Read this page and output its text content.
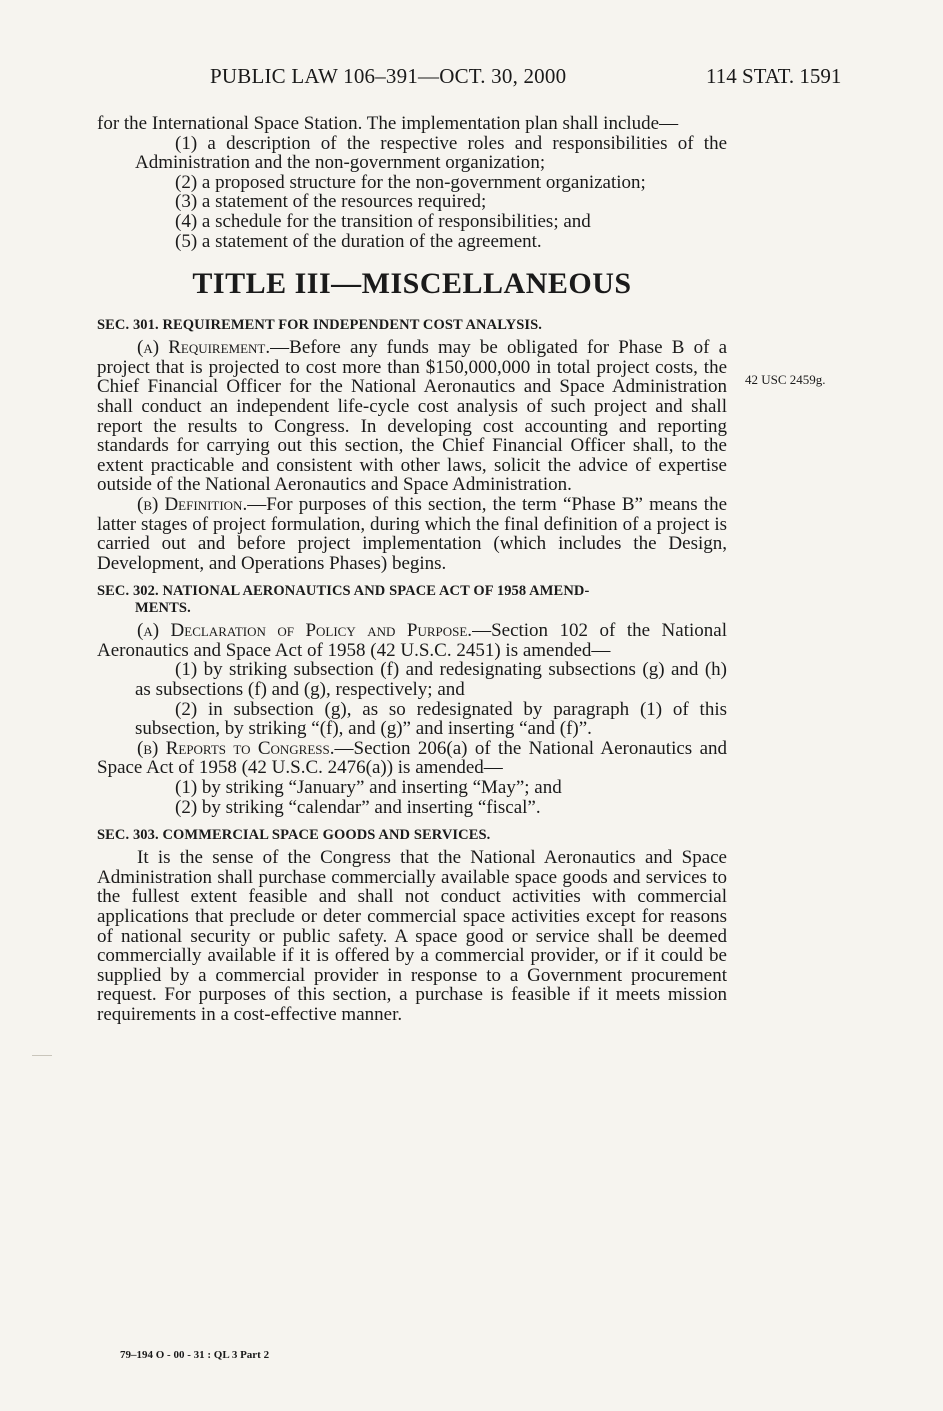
PUBLIC LAW 106–391—OCT. 30, 2000	114 STAT. 1591
42 USC 2459g.

for the International Space Station. The implementation plan shall include—

(1) a description of the respective roles and responsibilities of the Administration and the non-government organization;

(2) a proposed structure for the non-government organization;

(3) a statement of the resources required;

(4) a schedule for the transition of responsibilities; and

(5) a statement of the duration of the agreement.

TITLE III—MISCELLANEOUS
SEC. 301. REQUIREMENT FOR INDEPENDENT COST ANALYSIS.

(a) Requirement.—Before any funds may be obligated for Phase B of a project that is projected to cost more than $150,000,000 in total project costs, the Chief Financial Officer for the National Aeronautics and Space Administration shall conduct an independent life-cycle cost analysis of such project and shall report the results to Congress. In developing cost accounting and reporting standards for carrying out this section, the Chief Financial Officer shall, to the extent practicable and consistent with other laws, solicit the advice of expertise outside of the National Aeronautics and Space Administration.

(b) Definition.—For purposes of this section, the term “Phase B” means the latter stages of project formulation, during which the final definition of a project is carried out and before project implementation (which includes the Design, Development, and Operations Phases) begins.

SEC. 302. NATIONAL AERONAUTICS AND SPACE ACT OF 1958 AMEND-
MENTS.

(a) Declaration of Policy and Purpose.—Section 102 of the National Aeronautics and Space Act of 1958 (42 U.S.C. 2451) is amended—

(1) by striking subsection (f) and redesignating subsections (g) and (h) as subsections (f) and (g), respectively; and

(2) in subsection (g), as so redesignated by paragraph (1) of this subsection, by striking “(f), and (g)” and inserting “and (f)”.

(b) Reports to Congress.—Section 206(a) of the National Aeronautics and Space Act of 1958 (42 U.S.C. 2476(a)) is amended—

(1) by striking “January” and inserting “May”; and

(2) by striking “calendar” and inserting “fiscal”.

SEC. 303. COMMERCIAL SPACE GOODS AND SERVICES.

It is the sense of the Congress that the National Aeronautics and Space Administration shall purchase commercially available space goods and services to the fullest extent feasible and shall not conduct activities with commercial applications that preclude or deter commercial space activities except for reasons of national security or public safety. A space good or service shall be deemed commercially available if it is offered by a commercial provider, or if it could be supplied by a commercial provider in response to a Government procurement request. For purposes of this section, a purchase is feasible if it meets mission requirements in a cost-effective manner.

79–194 O - 00 - 31 : QL 3 Part 2
